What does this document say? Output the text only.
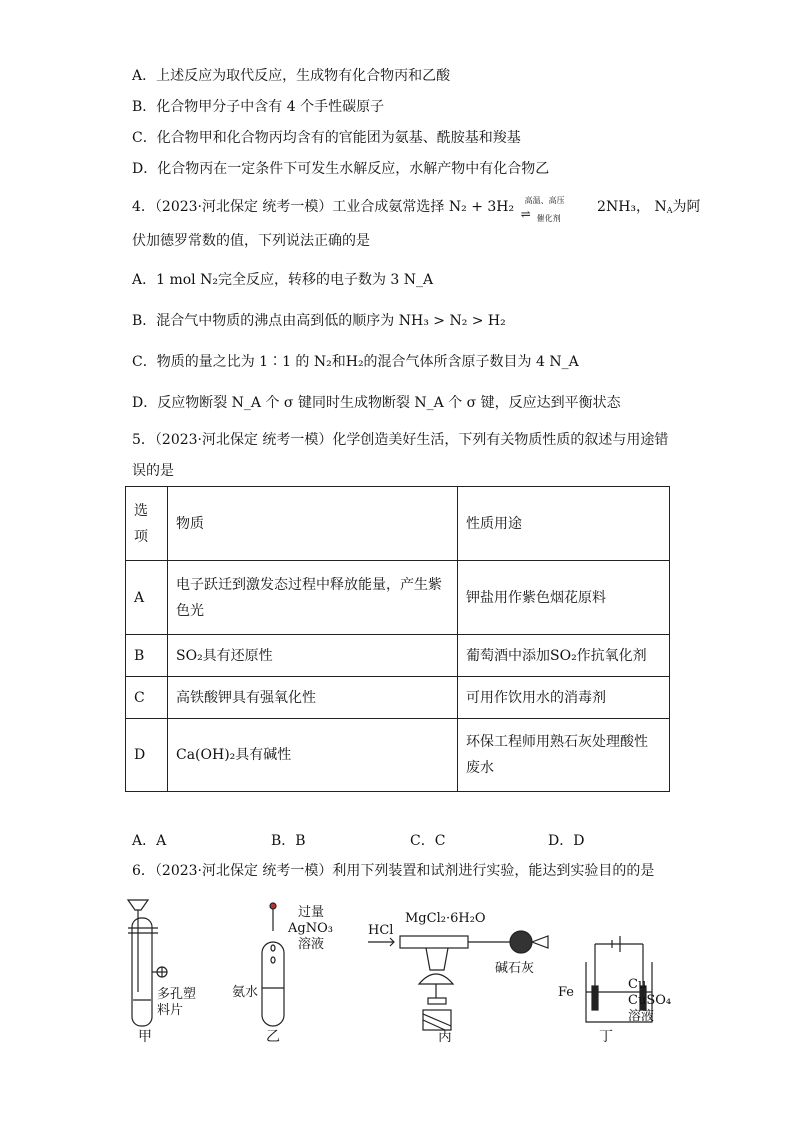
A．上述反应为取代反应，生成物有化合物丙和乙酸
B．化合物甲分子中含有 4 个手性碳原子
C．化合物甲和化合物丙均含有的官能团为氨基、酰胺基和羧基
D．化合物丙在一定条件下可发生水解反应，水解产物中有化合物乙
4．（2023·河北保定 统考一模）工业合成氨常选择 N₂ + 3H₂ 高温、高压
⇌ 催化剂
2NH₃， $N_A$为阿
伏加德罗常数的值，下列说法正确的是
A．1 mol N₂完全反应，转移的电子数为 3 N_A
B．混合气中物质的沸点由高到低的顺序为 NH₃ > N₂ > H₂
C．物质的量之比为 1∶1 的 N₂和H₂的混合气体所含原子数目为 4 N_A
D．反应物断裂 N_A 个 σ 键同时生成物断裂 N_A 个 σ 键，反应达到平衡状态
5．（2023·河北保定 统考一模）化学创造美好生活，下列有关物质性质的叙述与用途错
误的是
选
项	物质	性质用途
A	电子跃迁到激发态过程中释放能量，产生紫色光	钾盐用作紫色烟花原料
B	SO₂具有还原性	葡萄酒中添加SO₂作抗氧化剂
C	高铁酸钾具有强氧化性	可用作饮用水的消毒剂
D	Ca(OH)₂具有碱性	环保工程师用熟石灰处理酸性废水
A．A	B．B	C．C	D．D
6．（2023·河北保定 统考一模）利用下列装置和试剂进行实验，能达到实验目的的是
多孔塑
料片
过量
AgNO₃
溶液
氨水
HCl
MgCl₂·6H₂O
碱石灰
Fe
Cu
CuSO₄
溶液
甲	乙	丙	丁
